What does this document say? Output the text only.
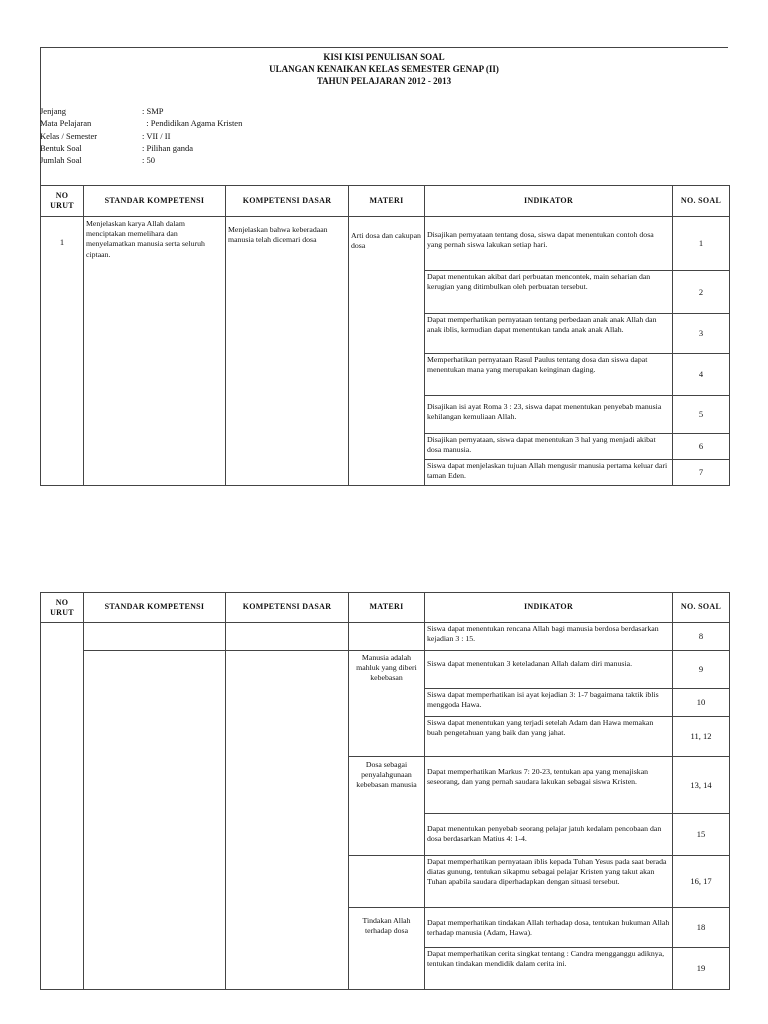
KISI KISI PENULISAN SOAL
ULANGAN KENAIKAN KELAS SEMESTER GENAP (II)
TAHUN PELAJARAN 2012 - 2013
Jenjang	: SMP
Mata Pelajaran	: Pendidikan Agama Kristen
Kelas / Semester	: VII / II
Bentuk Soal	: Pilihan ganda
Jumlah Soal	: 50
NO URUT	STANDAR KOMPETENSI	KOMPETENSI DASAR	MATERI	INDIKATOR	NO. SOAL
1	Menjelaskan karya Allah dalam menciptakan memelihara dan menyelamatkan manusia serta seluruh ciptaan.	Menjelaskan bahwa keberadaan manusia telah dicemari dosa	Arti dosa dan cakupan dosa	Disajikan pernyataan tentang dosa, siswa dapat menentukan contoh dosa yang pernah siswa lakukan setiap hari.	1
				Dapat menentukan akibat dari perbuatan mencontek, main seharian dan kerugian yang ditimbulkan oleh perbuatan tersebut.	2
				Dapat memperhatikan pernyataan tentang perbedaan anak anak Allah dan anak iblis, kemudian dapat menentukan tanda anak anak Allah.	3
				Memperhatikan pernyataan Rasul Paulus tentang dosa dan siswa dapat menentukan mana yang merupakan keinginan daging.	4
				Disajikan isi ayat Roma 3 : 23, siswa dapat menentukan penyebab manusia kehilangan kemuliaan Allah.	5
				Disajikan pernyataan, siswa dapat menentukan 3 hal yang menjadi akibat dosa manusia.	6
				Siswa dapat menjelaskan tujuan Allah mengusir manusia pertama keluar dari taman Eden.	7
NO URUT	STANDAR KOMPETENSI	KOMPETENSI DASAR	MATERI	INDIKATOR	NO. SOAL
				Siswa dapat menentukan rencana Allah bagi manusia berdosa berdasarkan kejadian 3 : 15.	8
			Manusia adalah mahluk yang diberi kebebasan	Siswa dapat menentukan 3 keteladanan Allah dalam diri manusia.	9
				Siswa dapat memperhatikan isi ayat kejadian 3: 1-7 bagaimana taktik iblis menggoda Hawa.	10
				Siswa dapat menentukan yang terjadi setelah Adam dan Hawa memakan buah pengetahuan yang baik dan yang jahat.	11, 12

			Dosa sebagai penyalahgunaan kebebasan manusia	Dapat memperhatikan Markus 7: 20-23, tentukan apa yang menajiskan seseorang, dan yang pernah saudara lakukan sebagai siswa Kristen.	13, 14
				Dapat menentukan penyebab seorang pelajar jatuh kedalam pencobaan dan dosa berdasarkan Matius 4: 1-4.	15
				Dapat memperhatikan pernyataan iblis kepada Tuhan Yesus pada saat berada diatas gunung, tentukan sikapmu sebagai pelajar Kristen yang takut akan Tuhan apabila saudara diperhadapkan dengan situasi tersebut.	16, 17
			Tindakan Allah terhadap dosa	Dapat memperhatikan tindakan Allah terhadap dosa, tentukan hukuman Allah terhadap manusia (Adam, Hawa).	18
				Dapat memperhatikan cerita singkat tentang : Candra mengganggu adiknya, tentukan tindakan mendidik dalam cerita ini.	19
